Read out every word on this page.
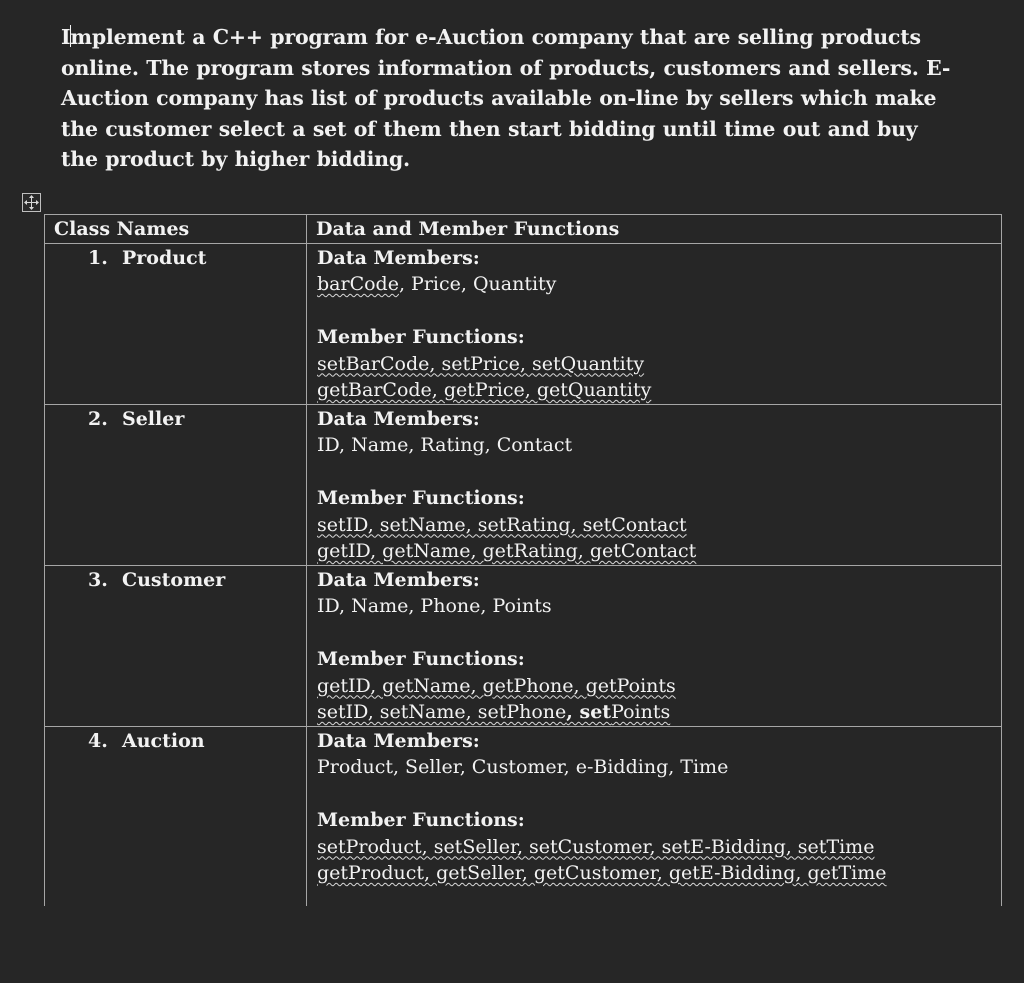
Implement a C++ program for e-Auction company that are selling products online. The program stores information of products, customers and sellers. E-Auction company has list of products available on-line by sellers which make the customer select a set of them then start bidding until time out and buy the product by higher bidding.
Class Names	Data and Member Functions

1. Product	Data Members:
barCode, Price, Quantity
Member Functions:
setBarCode, setPrice, setQuantity
getBarCode, getPrice, getQuantity

2. Seller	Data Members:
ID, Name, Rating, Contact
Member Functions:
setID, setName, setRating, setContact
getID, getName, getRating, getContact

3. Customer	Data Members:
ID, Name, Phone, Points
Member Functions:
getID, getName, getPhone, getPoints
setID, setName, setPhone, setPoints

4. Auction	Data Members:
Product, Seller, Customer, e-Bidding, Time
Member Functions:
setProduct, setSeller, setCustomer, setE-Bidding, setTime
getProduct, getSeller, getCustomer, getE-Bidding, getTime
